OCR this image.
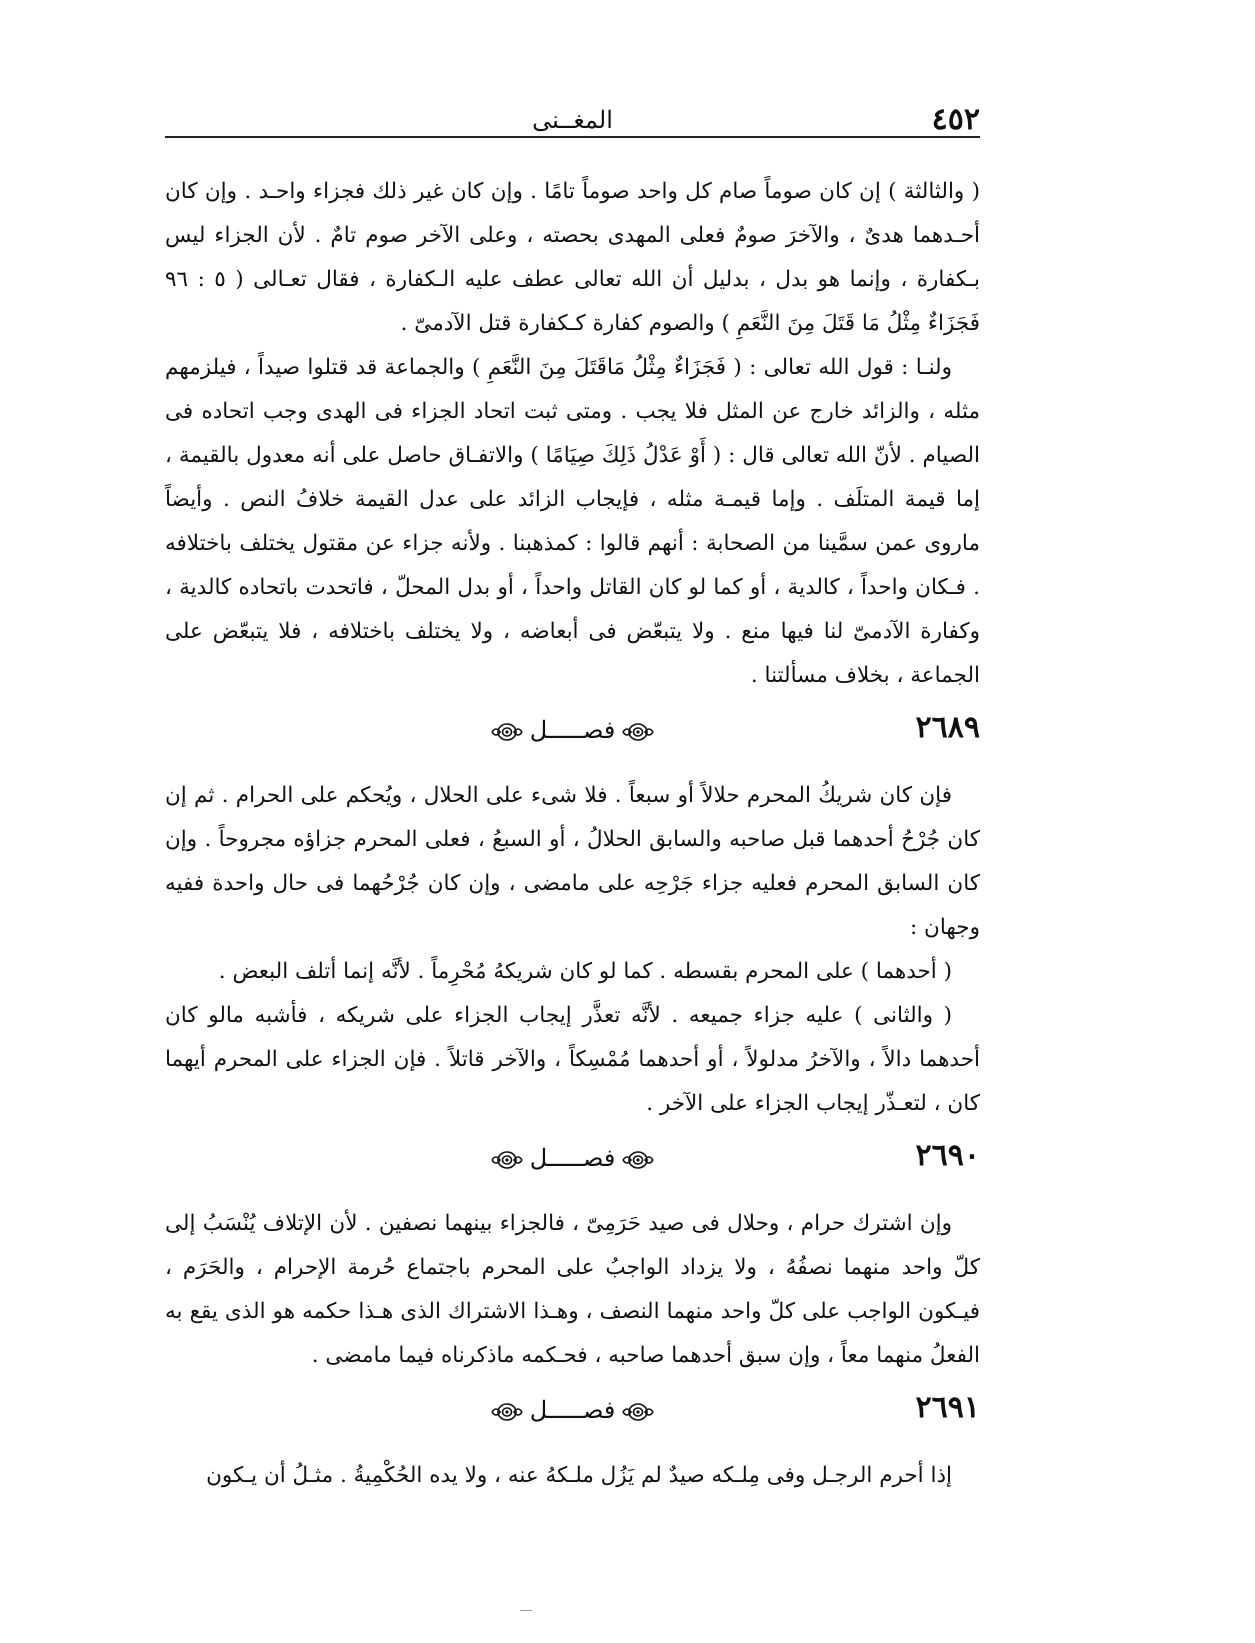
٤٥٢
المغــنى

( والثالثة ) إن كان صوماً صام كل واحد صوماً تامًا . وإن كان غير ذلك فجزاء واحـد . وإن كان أحـدهما هدىٌ ، والآخرَ صومٌ فعلى المهدى بحصته ، وعلى الآخر صوم تامٌ . لأن الجزاء ليس بـكفارة ، وإنما هو بدل ، بدليل أن الله تعالى عطف عليه الـكفارة ، فقال تعـالى ( ٥ : ٩٦ فَجَزَاءٌ مِثْلُ مَا قَتَلَ مِنَ النَّعَمِ ) والصوم كفارة كـكفارة قتل الآدمىّ .

ولنـا : قول الله تعالى : ( فَجَزَاءٌ مِثْلُ مَاقَتَلَ مِنَ النَّعَمِ ) والجماعة قد قتلوا صيداً ، فيلزمهم مثله ، والزائد خارج عن المثل فلا يجب . ومتى ثبت اتحاد الجزاء فى الهدى وجب اتحاده فى الصيام . لأنّ الله تعالى قال : ( أَوْ عَدْلُ ذَلِكَ صِيَامًا ) والاتفـاق حاصل على أنه معدول بالقيمة ، إما قيمة المتلَف . وإما قيمـة مثله ، فإيجاب الزائد على عدل القيمة خلافُ النص . وأيضاً ماروى عمن سمَّينا من الصحابة : أنهم قالوا : كمذهبنا . ولأنه جزاء عن مقتول يختلف باختلافه . فـكان واحداً ، كالدية ، أو كما لو كان القاتل واحداً ، أو بدل المحلّ ، فاتحدت باتحاده كالدية ، وكفارة الآدمىّ لنا فيها منع . ولا يتبعّض فى أبعاضه ، ولا يختلف باختلافه ، فلا يتبعّض على الجماعة ، بخلاف مسألتنا .

٢٦٨٩
فصـــــل

فإن كان شريكُ المحرم حلالاً أو سبعاً . فلا شىء على الحلال ، ويُحكم على الحرام . ثم إن كان جُرْحُ أحدهما قبل صاحبه والسابق الحلالُ ، أو السبعُ ، فعلى المحرم جزاؤه مجروحاً . وإن كان السابق المحرم فعليه جزاء جَرْحِه على مامضى ، وإن كان جُرْحُهما فى حال واحدة ففيه وجهان :

( أحدهما ) على المحرم بقسطه . كما لو كان شريكهُ مُحْرِماً . لأنَّه إنما أتلف البعض .

( والثانى ) عليه جزاء جميعه . لأنَّه تعذَّر إيجاب الجزاء على شريكه ، فأشبه مالو كان أحدهما دالاً ، والآخرُ مدلولاً ، أو أحدهما مُمْسِكاً ، والآخر قاتلاً . فإن الجزاء على المحرم أيهما كان ، لتعـذّر إيجاب الجزاء على الآخر .

٢٦٩٠
فصـــــل

وإن اشترك حرام ، وحلال فى صيد حَرَمِىّ ، فالجزاء بينهما نصفين . لأن الإتلاف يُنْسَبُ إلى كلّ واحد منهما نصفُهُ ، ولا يزداد الواجبُ على المحرم باجتماع حُرمة الإحرام ، والحَرَم ، فيـكون الواجب على كلّ واحد منهما النصف ، وهـذا الاشتراك الذى هـذا حكمه هو الذى يقع به الفعلُ منهما معاً ، وإن سبق أحدهما صاحبه ، فحـكمه ماذكرناه فيما مامضى .

٢٦٩١
فصـــــل

إذا أحرم الرجـل وفى مِلـكه صيدٌ لم يَزُل ملـكهُ عنه ، ولا يده الحُكْمِيةُ . مثـلُ أن يـكون
